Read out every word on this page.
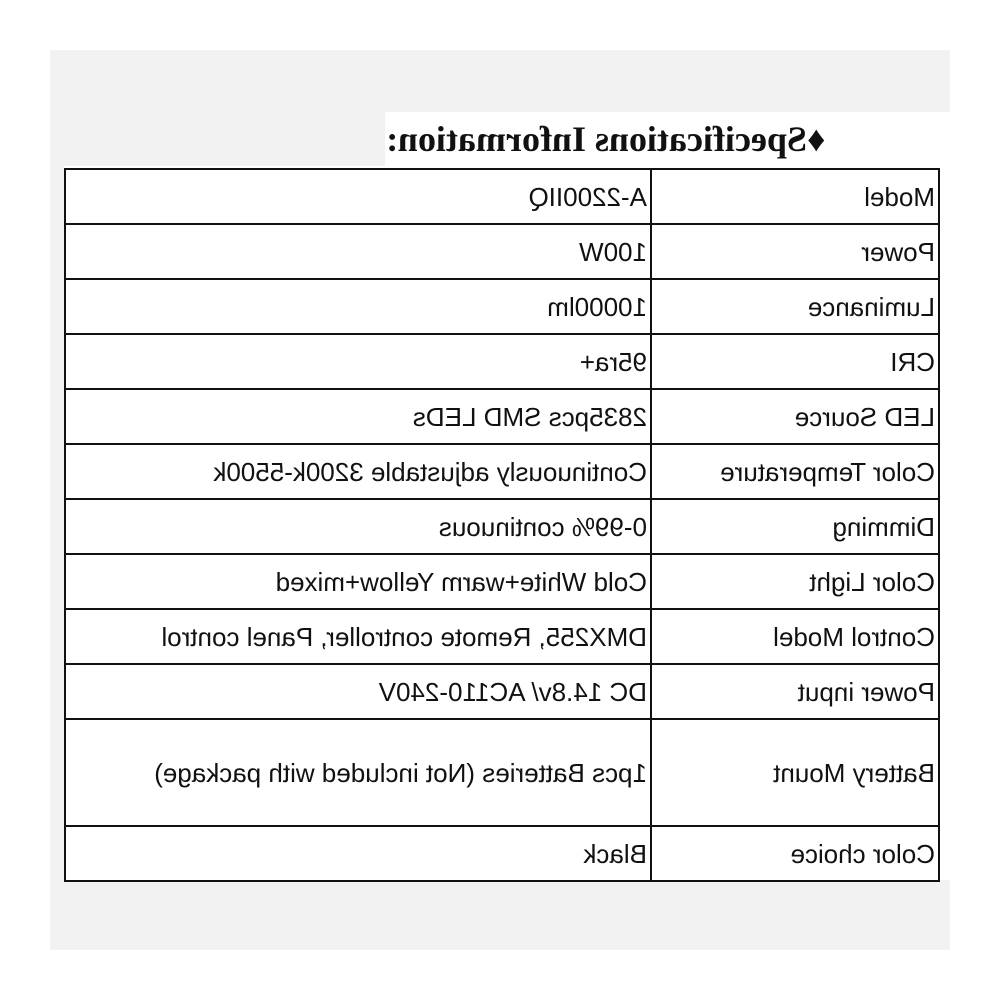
♦Specifications Information:
Model	A-2200IIQ
Power	100W
Luminance	10000lm
CRI	95ra+
LED Source	2835pcs SMD LEDs
Color Temperature	Continuously adjustable 3200k-5500k
Dimming	0-99% continuous
Color Light	Cold White+warm Yellow+mixed
Control Model	DMX255, Remote controller, Panel control
Power input	DC 14.8v/ AC110-240V
Battery Mount	1pcs Batteries (Not included with package)
Color choice	Black
